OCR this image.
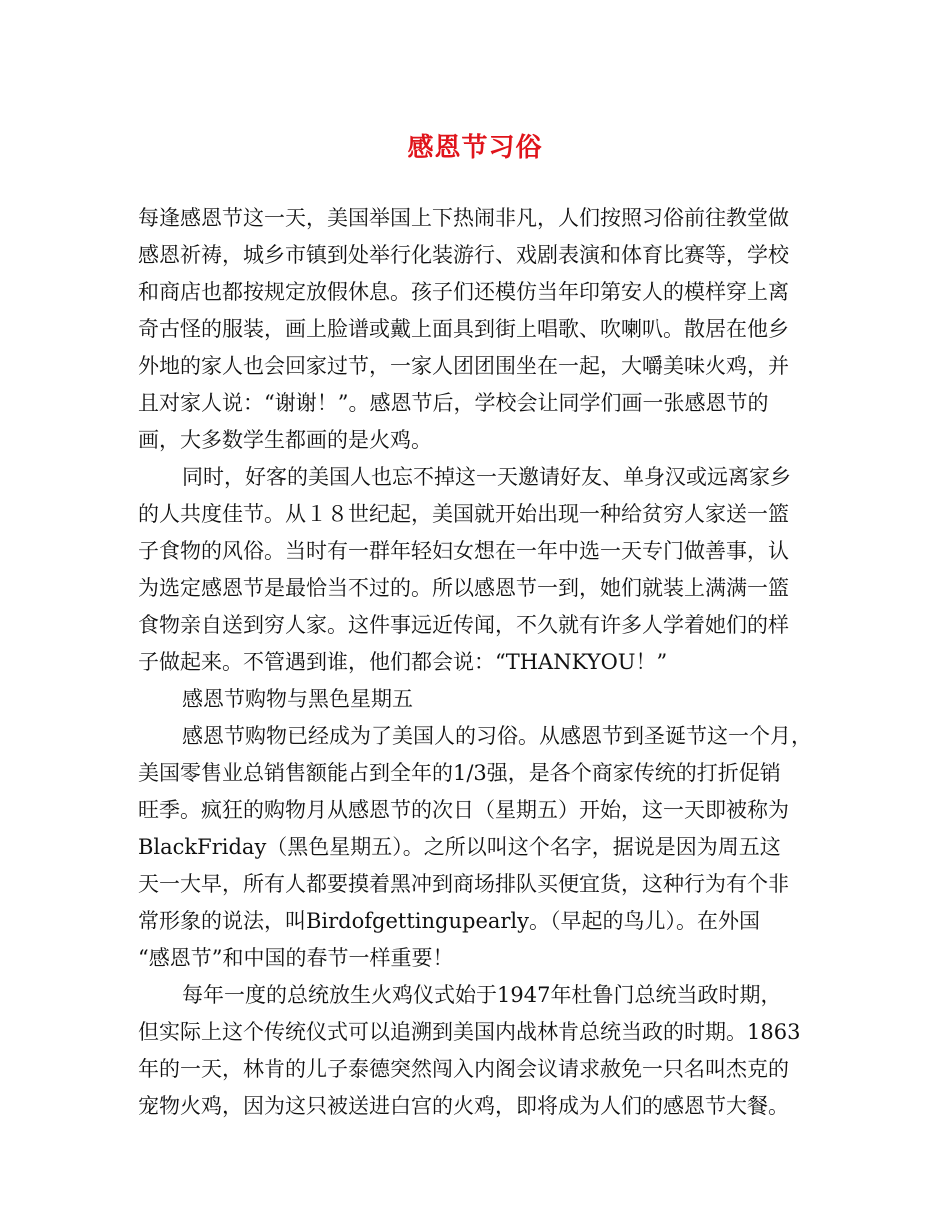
感恩节习俗

每逢感恩节这一天，美国举国上下热闹非凡，人们按照习俗前往教堂做
感恩祈祷，城乡市镇到处举行化装游行、戏剧表演和体育比赛等，学校
和商店也都按规定放假休息。孩子们还模仿当年印第安人的模样穿上离
奇古怪的服装，画上脸谱或戴上面具到街上唱歌、吹喇叭。散居在他乡
外地的家人也会回家过节，一家人团团围坐在一起，大嚼美味火鸡，并
且对家人说：“谢谢！”。感恩节后，学校会让同学们画一张感恩节的
画，大多数学生都画的是火鸡。

同时，好客的美国人也忘不掉这一天邀请好友、单身汉或远离家乡
的人共度佳节。从１８世纪起，美国就开始出现一种给贫穷人家送一篮
子食物的风俗。当时有一群年轻妇女想在一年中选一天专门做善事，认
为选定感恩节是最恰当不过的。所以感恩节一到，她们就装上满满一篮
食物亲自送到穷人家。这件事远近传闻，不久就有许多人学着她们的样
子做起来。不管遇到谁，他们都会说：“THANKYOU！”

感恩节购物与黑色星期五

感恩节购物已经成为了美国人的习俗。从感恩节到圣诞节这一个月，
美国零售业总销售额能占到全年的1/3强，是各个商家传统的打折促销
旺季。疯狂的购物月从感恩节的次日（星期五）开始，这一天即被称为
BlackFriday（黑色星期五）。之所以叫这个名字，据说是因为周五这
天一大早，所有人都要摸着黑冲到商场排队买便宜货，这种行为有个非
常形象的说法，叫Birdofgettingupearly。（早起的鸟儿）。在外国
“感恩节”和中国的春节一样重要！

每年一度的总统放生火鸡仪式始于1947年杜鲁门总统当政时期，
但实际上这个传统仪式可以追溯到美国内战林肯总统当政的时期。1863
年的一天，林肯的儿子泰德突然闯入内阁会议请求赦免一只名叫杰克的
宠物火鸡，因为这只被送进白宫的火鸡，即将成为人们的感恩节大餐。
